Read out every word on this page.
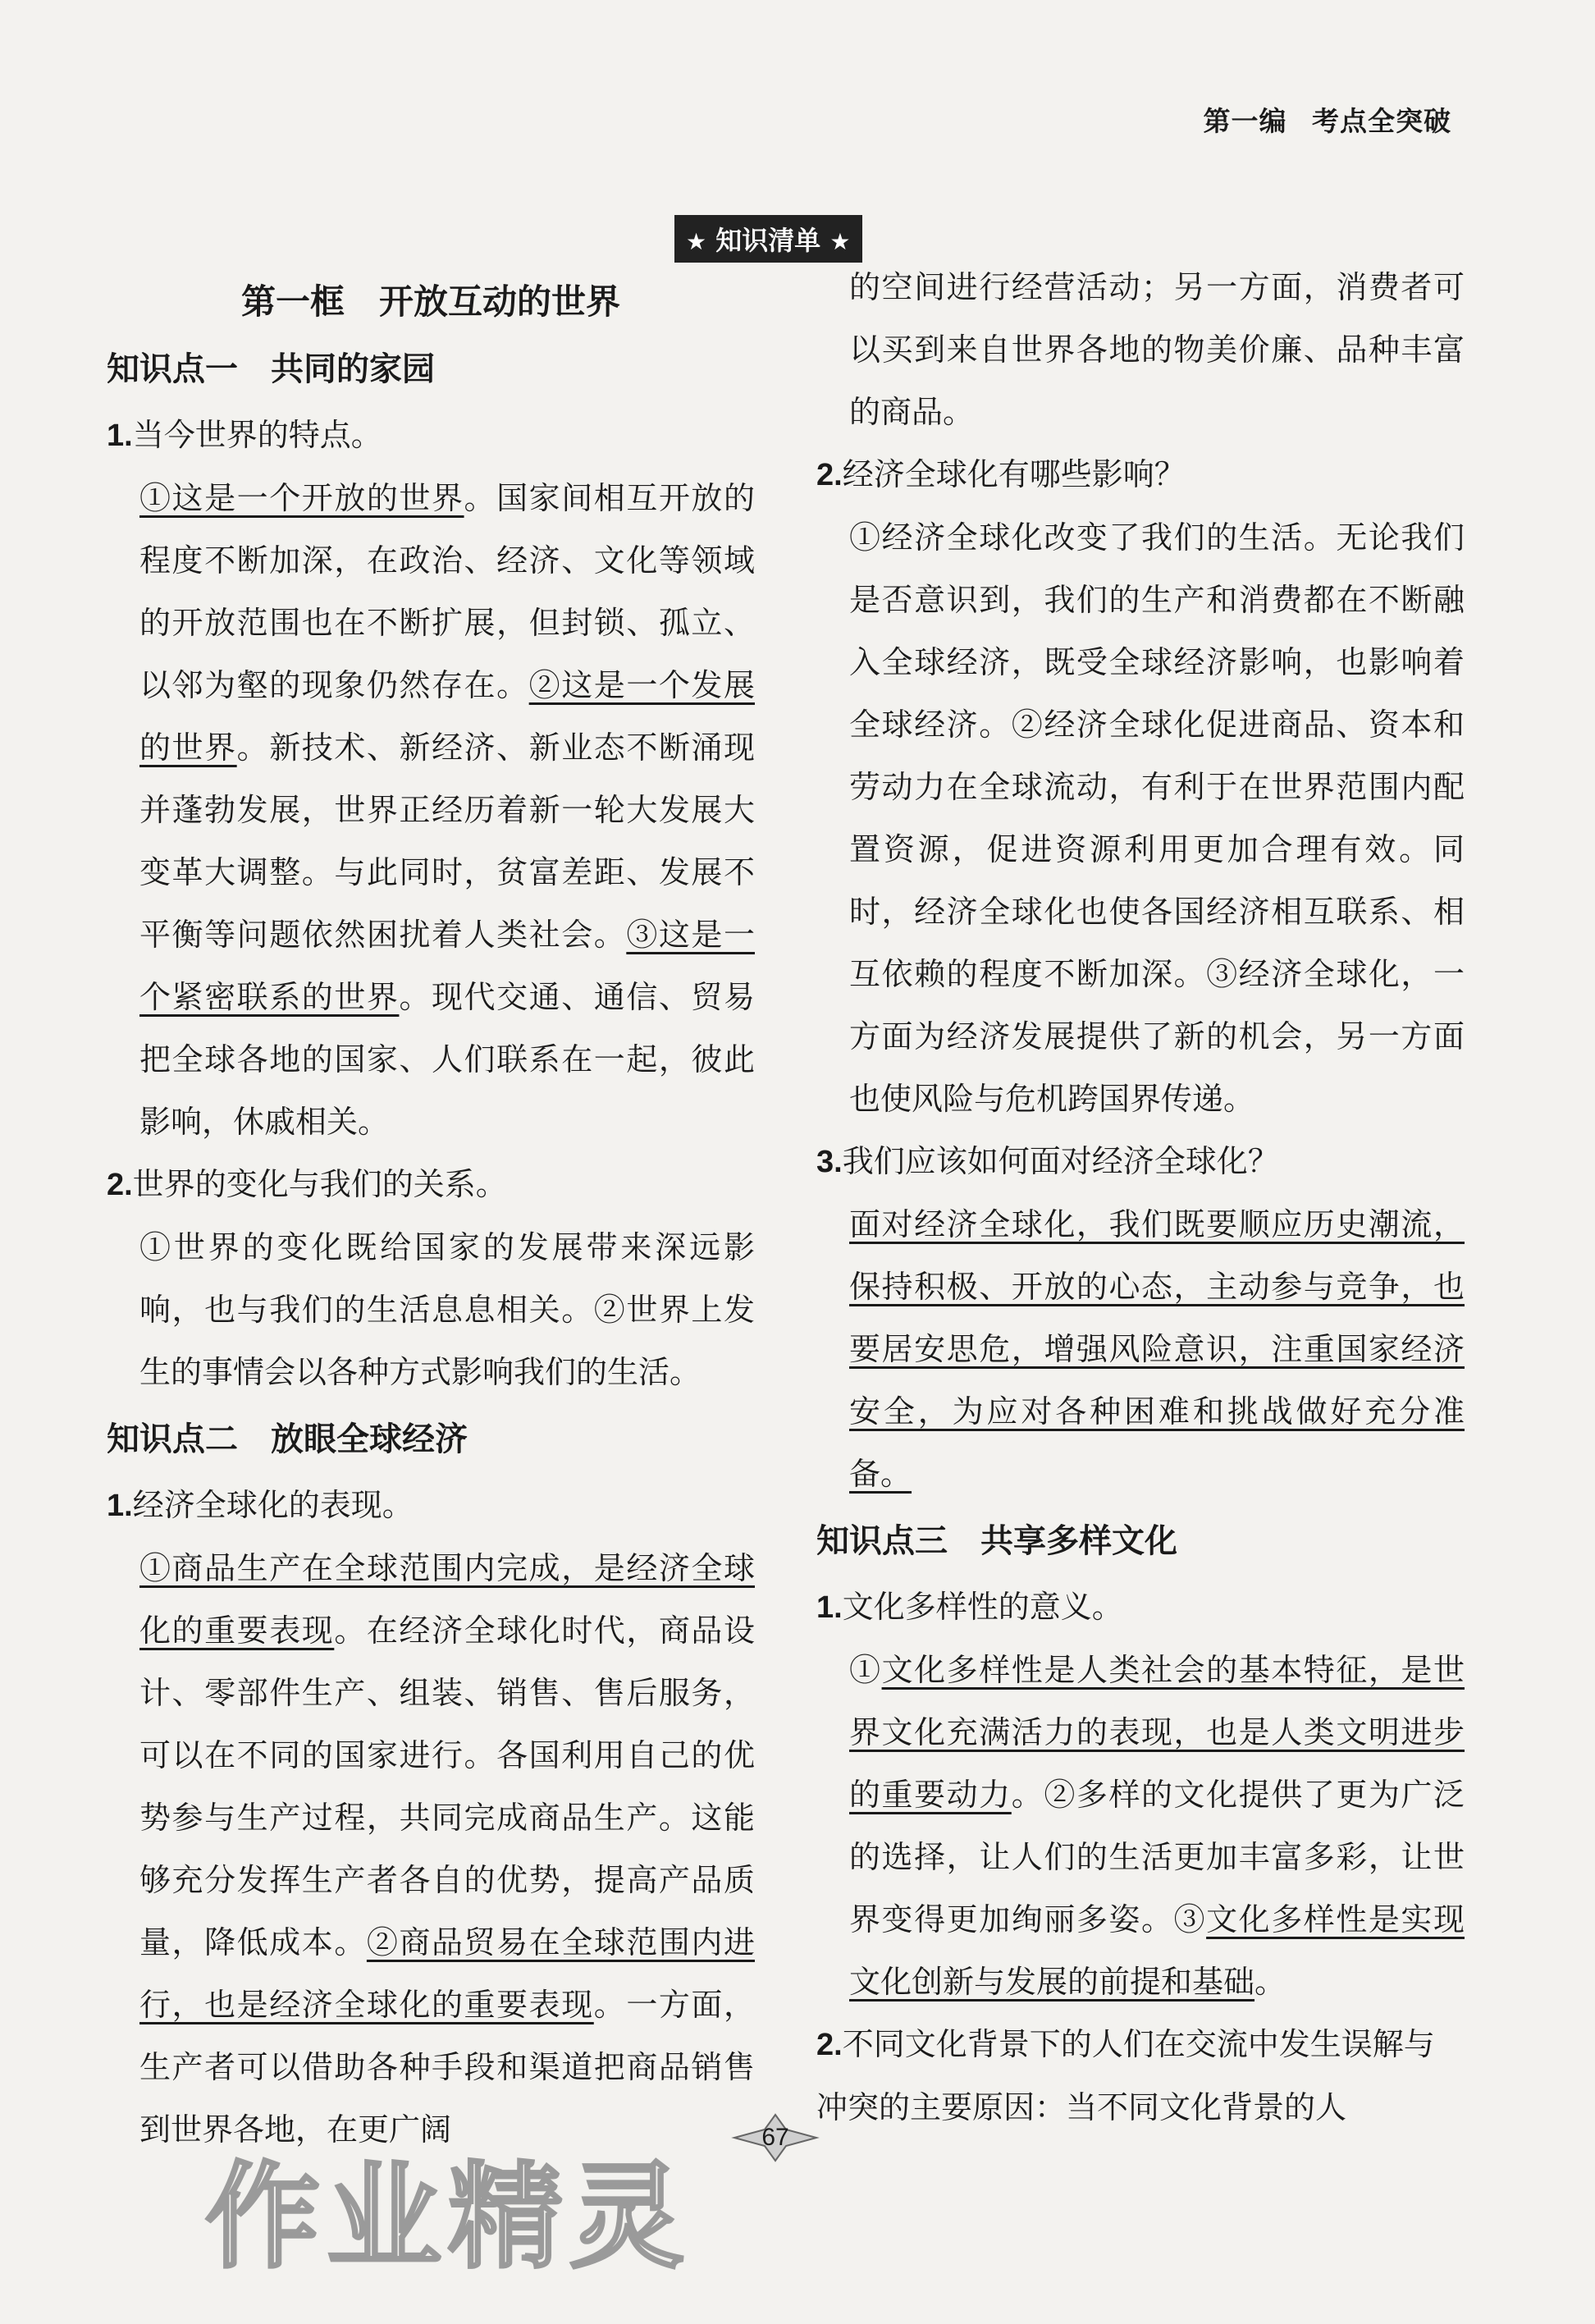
第一编 考点全突破
★ 知识清单 ★
第一框　开放互动的世界
知识点一　共同的家园

1.当今世界的特点。

①这是一个开放的世界。国家间相互开放的程度不断加深，在政治、经济、文化等领域的开放范围也在不断扩展，但封锁、孤立、以邻为壑的现象仍然存在。②这是一个发展的世界。新技术、新经济、新业态不断涌现并蓬勃发展，世界正经历着新一轮大发展大变革大调整。与此同时，贫富差距、发展不平衡等问题依然困扰着人类社会。③这是一个紧密联系的世界。现代交通、通信、贸易把全球各地的国家、人们联系在一起，彼此影响，休戚相关。

2.世界的变化与我们的关系。

①世界的变化既给国家的发展带来深远影响，也与我们的生活息息相关。②世界上发生的事情会以各种方式影响我们的生活。

知识点二　放眼全球经济

1.经济全球化的表现。

①商品生产在全球范围内完成，是经济全球化的重要表现。在经济全球化时代，商品设计、零部件生产、组装、销售、售后服务，可以在不同的国家进行。各国利用自己的优势参与生产过程，共同完成商品生产。这能够充分发挥生产者各自的优势，提高产品质量，降低成本。②商品贸易在全球范围内进行，也是经济全球化的重要表现。一方面，生产者可以借助各种手段和渠道把商品销售到世界各地，在更广阔

的空间进行经营活动；另一方面，消费者可以买到来自世界各地的物美价廉、品种丰富的商品。

2.经济全球化有哪些影响？

①经济全球化改变了我们的生活。无论我们是否意识到，我们的生产和消费都在不断融入全球经济，既受全球经济影响，也影响着全球经济。②经济全球化促进商品、资本和劳动力在全球流动，有利于在世界范围内配置资源，促进资源利用更加合理有效。同时，经济全球化也使各国经济相互联系、相互依赖的程度不断加深。③经济全球化，一方面为经济发展提供了新的机会，另一方面也使风险与危机跨国界传递。

3.我们应该如何面对经济全球化？

面对经济全球化，我们既要顺应历史潮流，保持积极、开放的心态，主动参与竞争，也要居安思危，增强风险意识，注重国家经济安全，为应对各种困难和挑战做好充分准备。

知识点三　共享多样文化

1.文化多样性的意义。

①文化多样性是人类社会的基本特征，是世界文化充满活力的表现，也是人类文明进步的重要动力。②多样的文化提供了更为广泛的选择，让人们的生活更加丰富多彩，让世界变得更加绚丽多姿。③文化多样性是实现文化创新与发展的前提和基础。

2.不同文化背景下的人们在交流中发生误解与冲突的主要原因：当不同文化背景的人

67
作业精灵
